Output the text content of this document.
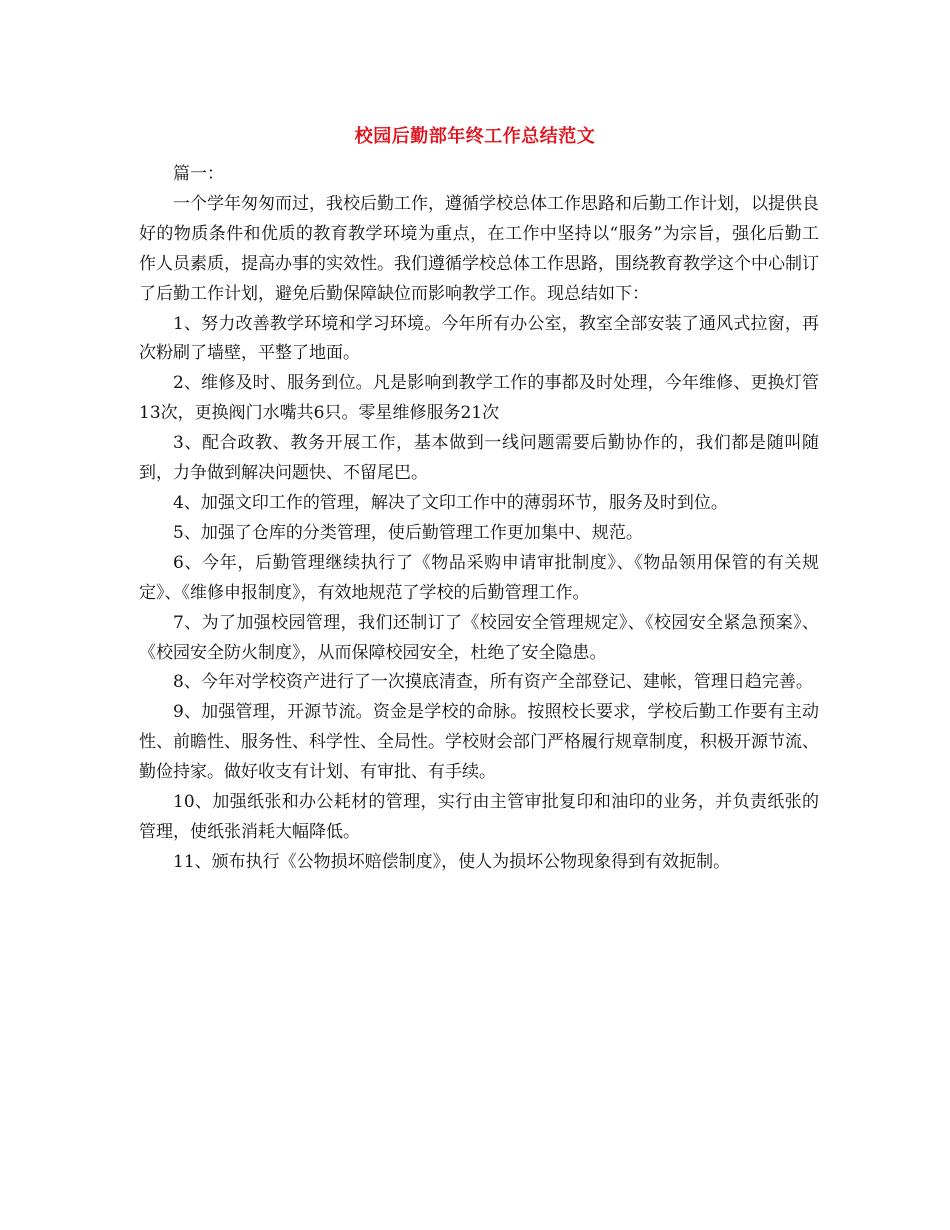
校园后勤部年终工作总结范文

篇一：

一个学年匆匆而过，我校后勤工作，遵循学校总体工作思路和后勤工作计划，以提供良好的物质条件和优质的教育教学环境为重点，在工作中坚持以“服务”为宗旨，强化后勤工作人员素质，提高办事的实效性。我们遵循学校总体工作思路，围绕教育教学这个中心制订了后勤工作计划，避免后勤保障缺位而影响教学工作。现总结如下：

1、努力改善教学环境和学习环境。今年所有办公室，教室全部安装了通风式拉窗，再次粉刷了墙壁，平整了地面。

2、维修及时、服务到位。凡是影响到教学工作的事都及时处理，今年维修、更换灯管13次，更换阀门水嘴共6只。零星维修服务21次

3、配合政教、教务开展工作，基本做到一线问题需要后勤协作的，我们都是随叫随到，力争做到解决问题快、不留尾巴。

4、加强文印工作的管理，解决了文印工作中的薄弱环节，服务及时到位。

5、加强了仓库的分类管理，使后勤管理工作更加集中、规范。

6、今年，后勤管理继续执行了《物品采购申请审批制度》、《物品领用保管的有关规定》、《维修申报制度》，有效地规范了学校的后勤管理工作。

7、为了加强校园管理，我们还制订了《校园安全管理规定》、《校园安全紧急预案》、《校园安全防火制度》，从而保障校园安全，杜绝了安全隐患。

8、今年对学校资产进行了一次摸底清查，所有资产全部登记、建帐，管理日趋完善。

9、加强管理，开源节流。资金是学校的命脉。按照校长要求，学校后勤工作要有主动性、前瞻性、服务性、科学性、全局性。学校财会部门严格履行规章制度，积极开源节流、勤俭持家。做好收支有计划、有审批、有手续。

10、加强纸张和办公耗材的管理，实行由主管审批复印和油印的业务，并负责纸张的管理，使纸张消耗大幅降低。

11、颁布执行《公物损坏赔偿制度》，使人为损坏公物现象得到有效扼制。
